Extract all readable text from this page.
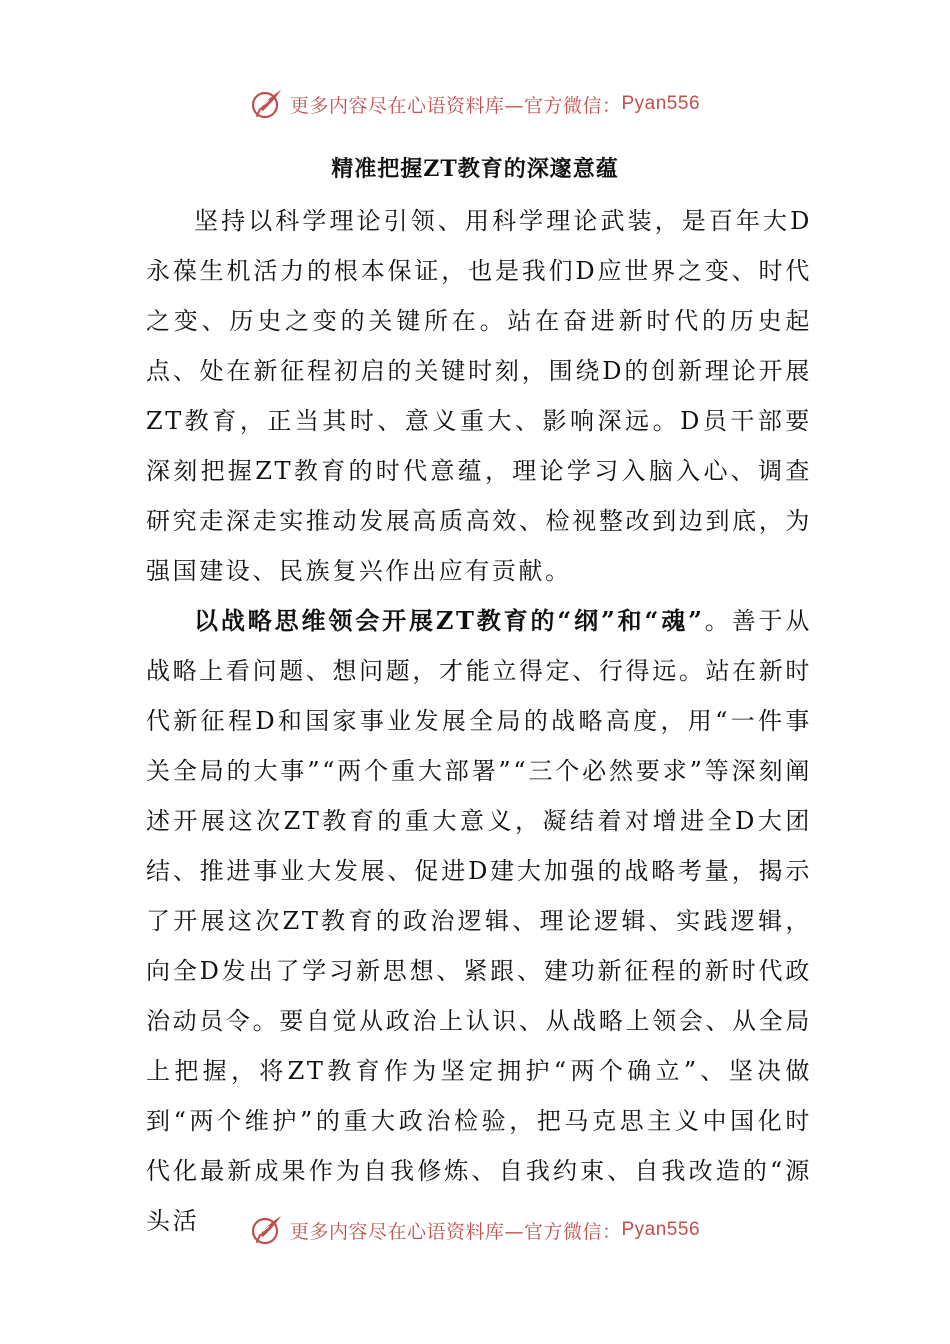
更多内容尽在心语资料库—官方微信： Pyan556
精准把握ZT教育的深邃意蕴

坚持以科学理论引领、用科学理论武装，是百年大D永葆生机活力的根本保证，也是我们D应世界之变、时代之变、历史之变的关键所在。站在奋进新时代的历史起点、处在新征程初启的关键时刻，围绕D的创新理论开展ZT教育，正当其时、意义重大、影响深远。D员干部要深刻把握ZT教育的时代意蕴，理论学习入脑入心、调查研究走深走实推动发展高质高效、检视整改到边到底，为强国建设、民族复兴作出应有贡献。

以战略思维领会开展ZT教育的“纲”和“魂”。善于从战略上看问题、想问题，才能立得定、行得远。站在新时代新征程D和国家事业发展全局的战略高度，用“一件事关全局的大事”“两个重大部署”“三个必然要求”等深刻阐述开展这次ZT教育的重大意义，凝结着对增进全D大团结、推进事业大发展、促进D建大加强的战略考量，揭示了开展这次ZT教育的政治逻辑、理论逻辑、实践逻辑，向全D发出了学习新思想、紧跟、建功新征程的新时代政治动员令。要自觉从政治上认识、从战略上领会、从全局上把握，将ZT教育作为坚定拥护“两个确立”、坚决做到“两个维护”的重大政治检验，把马克思主义中国化时代化最新成果作为自我修炼、自我约束、自我改造的“源头活	更多内容尽在心语资料库—官方微信： Pyan556
